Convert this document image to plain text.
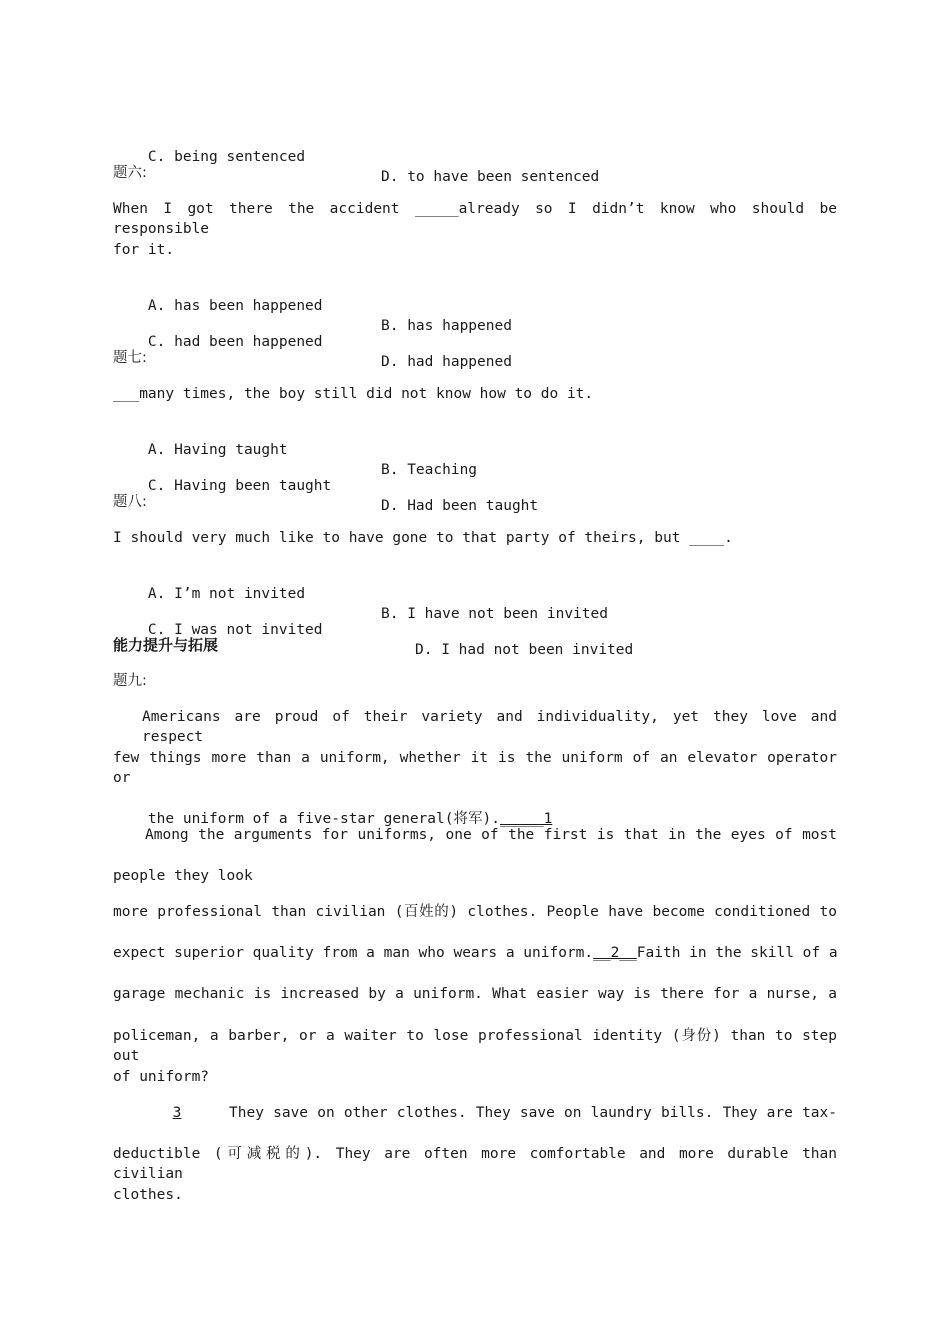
C. being sentenced

D. to have been sentenced

题六:
When I got there the accident _____already so I didn’t know who should be responsible
for it.

A. has been happened

B. has happened

C. had been happened

D. had happened

题七:
___many times, the boy still did not know how to do it.

A. Having taught

B. Teaching

C. Having been taught

D. Had been taught

题八:
I should very much like to have gone to that party of theirs, but ____.

A. I’m not invited

B. I have not been invited

C. I was not invited

D. I had not been invited

能力提升与拓展
题九:
Americans are proud of their variety and individuality, yet they love and respect
few things more than a uniform, whether it is the uniform of an elevator operator or

the uniform of a five-star general(将军)._____1

Among the arguments for uniforms, one of the first is that in the eyes of most
people they look
more professional than civilian (百姓的) clothes. People have become conditioned to
expect superior quality from a man who wears a uniform. __2__ Faith in the skill of a
garage mechanic is increased by a uniform. What easier way is there for a nurse, a
policeman, a barber, or a waiter to lose professional identity (身份) than to step out
of uniform?
3	They save on other clothes. They save on laundry bills. They are tax-
deductible (可减税的). They are often more comfortable and more durable than civilian
clothes.
